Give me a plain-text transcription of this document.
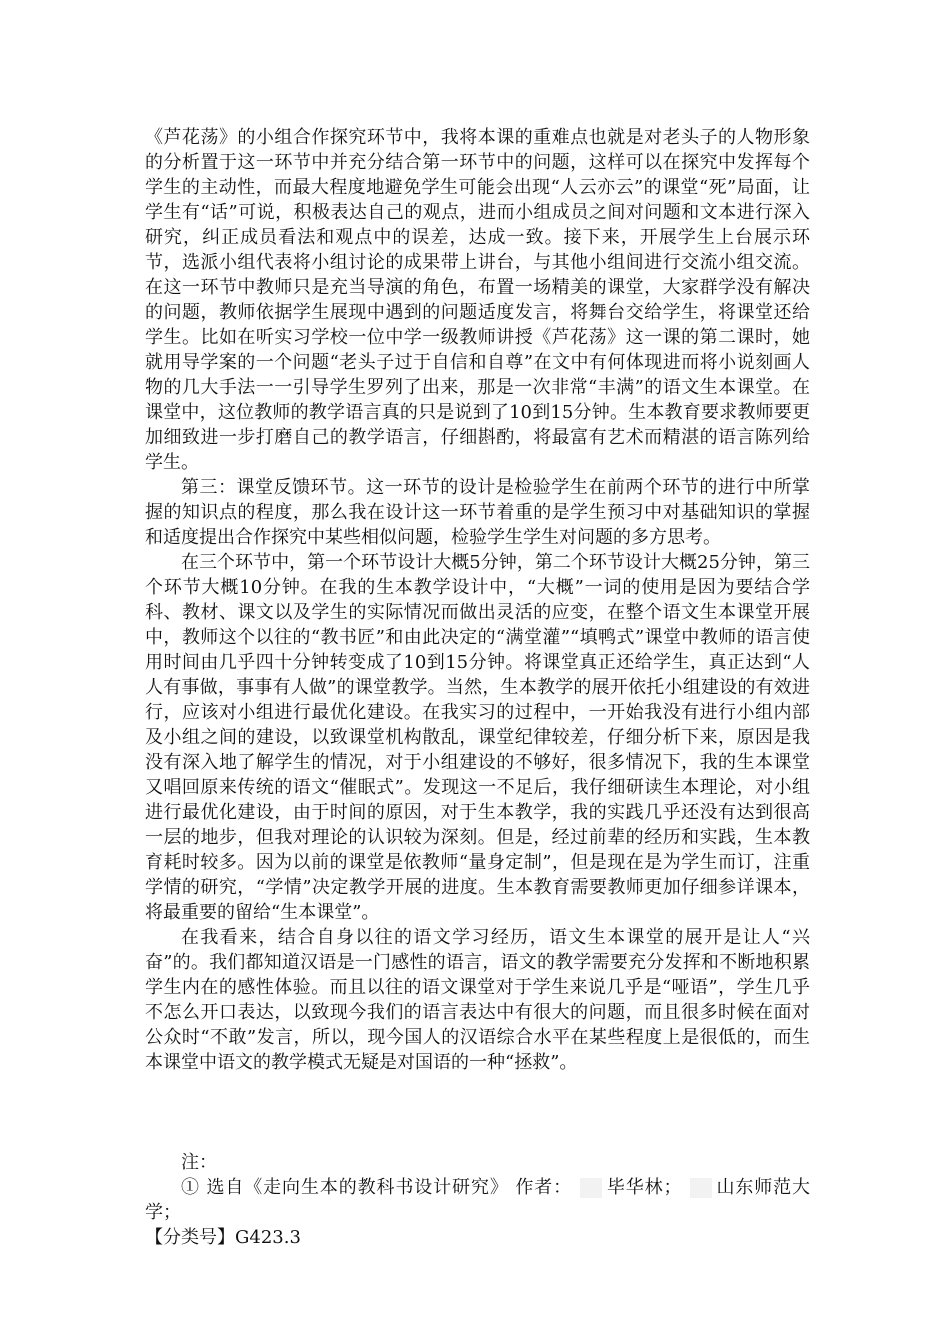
《芦花荡》的小组合作探究环节中，我将本课的重难点也就是对老头子的人物形象的分析置于这一环节中并充分结合第一环节中的问题，这样可以在探究中发挥每个学生的主动性，而最大程度地避免学生可能会出现“人云亦云”的课堂“死”局面，让学生有“话”可说，积极表达自己的观点，进而小组成员之间对问题和文本进行深入研究，纠正成员看法和观点中的误差，达成一致。接下来，开展学生上台展示环节，选派小组代表将小组讨论的成果带上讲台，与其他小组间进行交流小组交流。在这一环节中教师只是充当导演的角色，布置一场精美的课堂，大家群学没有解决的问题，教师依据学生展现中遇到的问题适度发言，将舞台交给学生，将课堂还给学生。比如在听实习学校一位中学一级教师讲授《芦花荡》这一课的第二课时，她就用导学案的一个问题“老头子过于自信和自尊”在文中有何体现进而将小说刻画人物的几大手法一一引导学生罗列了出来，那是一次非常“丰满”的语文生本课堂。在课堂中，这位教师的教学语言真的只是说到了10到15分钟。生本教育要求教师要更加细致进一步打磨自己的教学语言，仔细斟酌，将最富有艺术而精湛的语言陈列给学生。

第三：课堂反馈环节。这一环节的设计是检验学生在前两个环节的进行中所掌握的知识点的程度，那么我在设计这一环节着重的是学生预习中对基础知识的掌握和适度提出合作探究中某些相似问题，检验学生学生对问题的多方思考。

在三个环节中，第一个环节设计大概5分钟，第二个环节设计大概25分钟，第三个环节大概10分钟。在我的生本教学设计中，“大概”一词的使用是因为要结合学科、教材、课文以及学生的实际情况而做出灵活的应变，在整个语文生本课堂开展中，教师这个以往的“教书匠”和由此决定的“满堂灌”“填鸭式”课堂中教师的语言使用时间由几乎四十分钟转变成了10到15分钟。将课堂真正还给学生，真正达到“人人有事做，事事有人做”的课堂教学。当然，生本教学的展开依托小组建设的有效进行，应该对小组进行最优化建设。在我实习的过程中，一开始我没有进行小组内部及小组之间的建设，以致课堂机构散乱，课堂纪律较差，仔细分析下来，原因是我没有深入地了解学生的情况，对于小组建设的不够好，很多情况下，我的生本课堂又唱回原来传统的语文“催眠式”。发现这一不足后，我仔细研读生本理论，对小组进行最优化建设，由于时间的原因，对于生本教学，我的实践几乎还没有达到很高一层的地步，但我对理论的认识较为深刻。但是，经过前辈的经历和实践，生本教育耗时较多。因为以前的课堂是依教师“量身定制”，但是现在是为学生而订，注重学情的研究，“学情”决定教学开展的进度。生本教育需要教师更加仔细参详课本，将最重要的留给“生本课堂”。

在我看来，结合自身以往的语文学习经历，语文生本课堂的展开是让人“兴奋”的。我们都知道汉语是一门感性的语言，语文的教学需要充分发挥和不断地积累学生内在的感性体验。而且以往的语文课堂对于学生来说几乎是“哑语”，学生几乎不怎么开口表达，以致现今我们的语言表达中有很大的问题，而且很多时候在面对公众时“不敢”发言，所以，现今国人的汉语综合水平在某些程度上是很低的，而生本课堂中语文的教学模式无疑是对国语的一种“拯救”。

注：

① 选自《走向生本的教科书设计研究》 作者： 毕华林； 山东师范大学；

【分类号】G423.3
